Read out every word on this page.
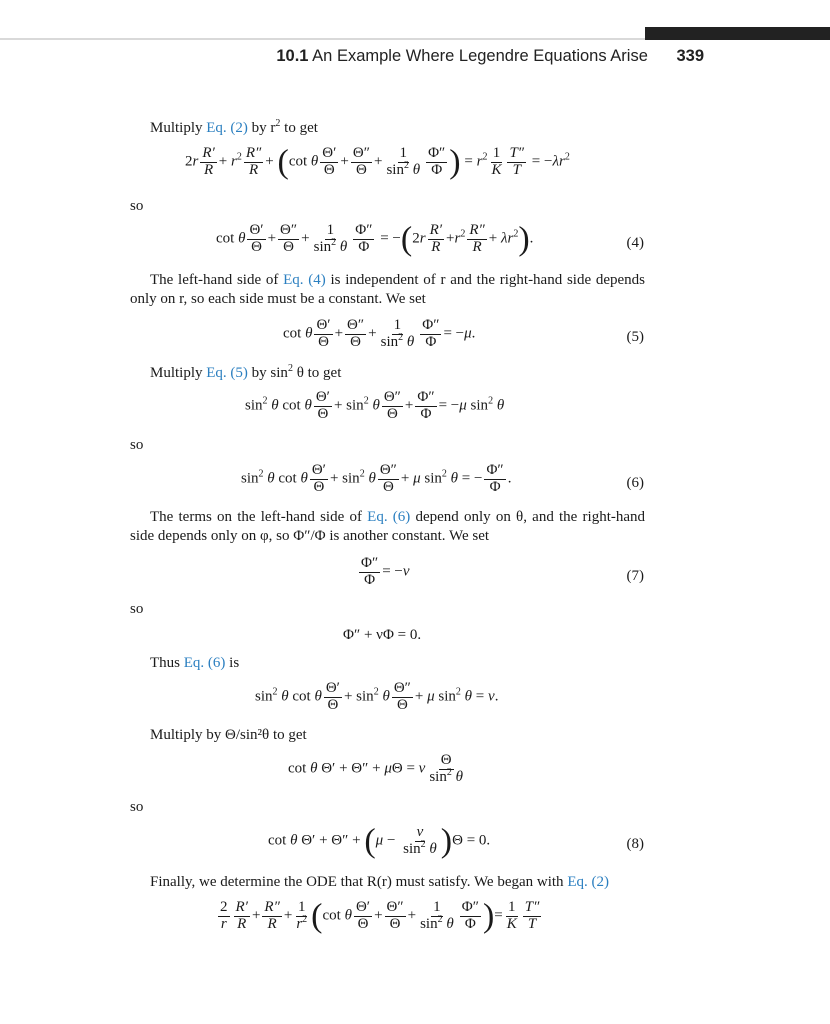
10.1 An Example Where Legendre Equations Arise 339
Multiply Eq. (2) by $r^2$ to get
$2r \frac{R'}{R} + r^2 \frac{R''}{R} + (\cot$ θ $\frac{\Theta'}{\Theta} + \frac{\Theta''}{\Theta} + \frac{1}{\sin^2 \theta} \frac{\Phi''}{\Phi}$ ) = $r^2 \frac{1}{K} \frac{T''}{T} = -\lambda r^2$
so
cot θ $\frac{\Theta'}{\Theta} + \frac{\Theta''}{\Theta} + \frac{1}{\sin^2 \theta} \frac{\Phi''}{\Phi} = -(2r \frac{R'}{R} +r^2 \frac{R''}{R} + \lambda r^2)$.	(4)
The left-hand side of Eq. (4) is independent of r and the right-hand side depends only on r, so each side must be a constant. We set
cot θ $\frac{\Theta'}{\Theta} + \frac{\Theta''}{\Theta} + \frac{1}{\sin^2 \theta} \frac{\Phi''}{\Phi} = -\mu$.	(5)
Multiply Eq. (5) by $\sin^2 \theta$ to get
$\sin^2 \theta$ cot θ $\frac{\Theta'}{\Theta} + \sin^2 \theta \frac{\Theta''}{\Theta} + \frac{\Phi''}{\Phi} = -\mu$ $\sin^2 \theta$
so
$\sin^2 \theta$ cot θ $\frac{\Theta'}{\Theta} + \sin^2 \theta \frac{\Theta''}{\Theta} + \mu$ $\sin^2 \theta$ = − $\frac{\Phi''}{\Phi}$ .	(6)
The terms on the left-hand side of Eq. (6) depend only on θ, and the right-hand side depends only on φ, so Φ″/Φ is another constant. We set
$\frac{\Phi''}{\Phi} = -\nu$	(7)
so
Φ″ + νΦ = 0.
Thus Eq. (6) is
$\sin^2 \theta$ cot θ $\frac{\Theta'}{\Theta} + \sin^2 \theta \frac{\Theta''}{\Theta} + \mu$ $\sin^2 \theta = \nu$.
Multiply by Θ/sin²θ to get
cot θ Θ′ + Θ″ + μΘ = ν $\frac{\Theta}{\sin^2 \theta}$
so
cot θ $\Theta' + \Theta'' + (\mu - \frac{\nu}{\sin^2 \theta} )\Theta = 0$.	(8)
Finally, we determine the ODE that R(r) must satisfy. We began with Eq. (2)
$\frac{2}{r} \frac{R'}{R} + \frac{R''}{R} + \frac{1}{r^2} (\cot$ θ $\frac{\Theta'}{\Theta} + \frac{\Theta''}{\Theta} + \frac{1}{\sin^2 \theta} \frac{\Phi''}{\Phi}$ )= $\frac{1}{K} \frac{T''}{T}$
